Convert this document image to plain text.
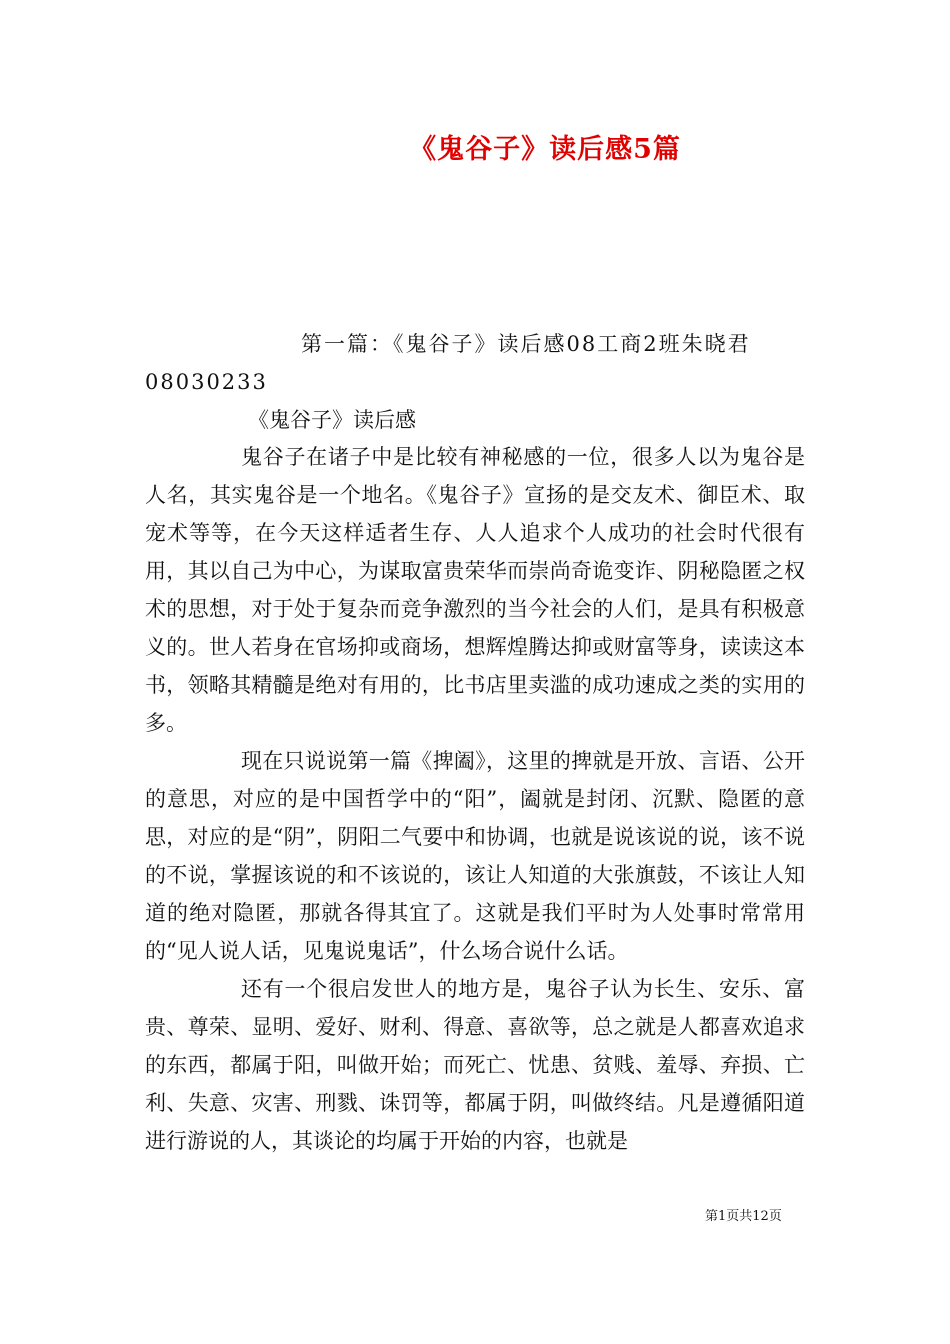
《鬼谷子》读后感5篇
第一篇：《鬼谷子》读后感08工商2班朱晓君08030233
《鬼谷子》读后感

鬼谷子在诸子中是比较有神秘感的一位，很多人以为鬼谷是人名，其实鬼谷是一个地名。《鬼谷子》宣扬的是交友术、御臣术、取宠术等等，在今天这样适者生存、人人追求个人成功的社会时代很有用，其以自己为中心，为谋取富贵荣华而崇尚奇诡变诈、阴秘隐匿之权术的思想，对于处于复杂而竞争激烈的当今社会的人们，是具有积极意义的。世人若身在官场抑或商场，想辉煌腾达抑或财富等身，读读这本书，领略其精髓是绝对有用的，比书店里卖滥的成功速成之类的实用的多。

现在只说说第一篇《捭阖》，这里的捭就是开放、言语、公开的意思，对应的是中国哲学中的“阳”，阖就是封闭、沉默、隐匿的意思，对应的是“阴”，阴阳二气要中和协调，也就是说该说的说，该不说的不说，掌握该说的和不该说的，该让人知道的大张旗鼓，不该让人知道的绝对隐匿，那就各得其宜了。这就是我们平时为人处事时常常用的“见人说人话，见鬼说鬼话”，什么场合说什么话。

还有一个很启发世人的地方是，鬼谷子认为长生、安乐、富贵、尊荣、显明、爱好、财利、得意、喜欲等，总之就是人都喜欢追求的东西，都属于阳，叫做开始；而死亡、忧患、贫贱、羞辱、弃损、亡利、失意、灾害、刑戮、诛罚等，都属于阴，叫做终结。凡是遵循阳道进行游说的人，其谈论的均属于开始的内容，也就是

第1页共12页
